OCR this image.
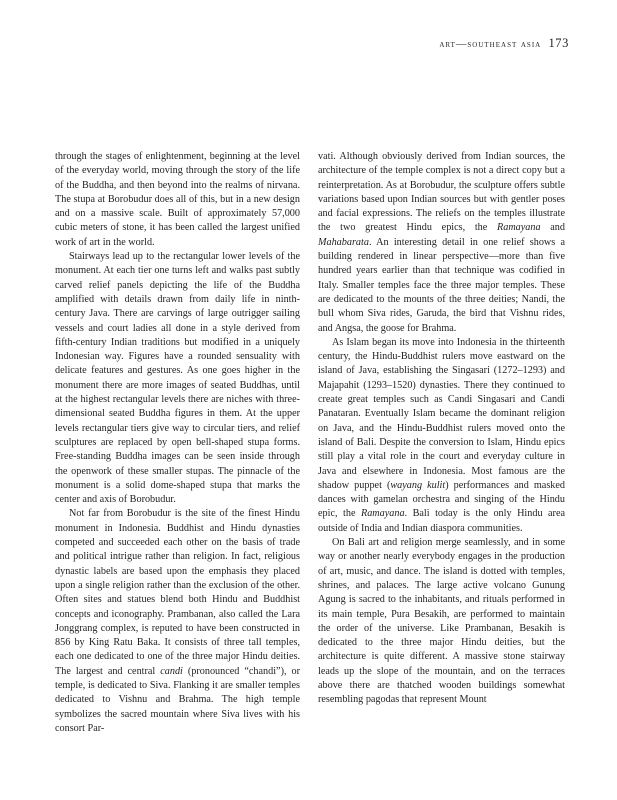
art—southeast asia 173

through the stages of enlightenment, beginning at the level of the everyday world, moving through the story of the life of the Buddha, and then beyond into the realms of nirvana. The stupa at Borobudur does all of this, but in a new design and on a massive scale. Built of approximately 57,000 cubic meters of stone, it has been called the largest unified work of art in the world.

Stairways lead up to the rectangular lower levels of the monument. At each tier one turns left and walks past subtly carved relief panels depicting the life of the Buddha amplified with details drawn from daily life in ninth-century Java. There are carvings of large outrigger sailing vessels and court ladies all done in a style derived from fifth-century Indian traditions but modified in a uniquely Indonesian way. Figures have a rounded sensuality with delicate features and gestures. As one goes higher in the monument there are more images of seated Buddhas, until at the highest rectangular levels there are niches with three-dimensional seated Buddha figures in them. At the upper levels rectangular tiers give way to circular tiers, and relief sculptures are replaced by open bell-shaped stupa forms. Free-standing Buddha images can be seen inside through the openwork of these smaller stupas. The pinnacle of the monument is a solid dome-shaped stupa that marks the center and axis of Borobudur.

Not far from Borobudur is the site of the finest Hindu monument in Indonesia. Buddhist and Hindu dynasties competed and succeeded each other on the basis of trade and political intrigue rather than religion. In fact, religious dynastic labels are based upon the emphasis they placed upon a single religion rather than the exclusion of the other. Often sites and statues blend both Hindu and Buddhist concepts and iconography. Prambanan, also called the Lara Jonggrang complex, is reputed to have been constructed in 856 by King Ratu Baka. It consists of three tall temples, each one dedicated to one of the three major Hindu deities. The largest and central candi (pronounced “chandi”), or temple, is dedicated to Siva. Flanking it are smaller temples dedicated to Vishnu and Brahma. The high temple symbolizes the sacred mountain where Siva lives with his consort Par-

vati. Although obviously derived from Indian sources, the architecture of the temple complex is not a direct copy but a reinterpretation. As at Borobudur, the sculpture offers subtle variations based upon Indian sources but with gentler poses and facial expressions. The reliefs on the temples illustrate the two greatest Hindu epics, the Ramayana and Mahabarata. An interesting detail in one relief shows a building rendered in linear perspective—more than five hundred years earlier than that technique was codified in Italy. Smaller temples face the three major temples. These are dedicated to the mounts of the three deities; Nandi, the bull whom Siva rides, Garuda, the bird that Vishnu rides, and Angsa, the goose for Brahma.

As Islam began its move into Indonesia in the thirteenth century, the Hindu-Buddhist rulers move eastward on the island of Java, establishing the Singasari (1272–1293) and Majapahit (1293–1520) dynasties. There they continued to create great temples such as Candi Singasari and Candi Panataran. Eventually Islam became the dominant religion on Java, and the Hindu-Buddhist rulers moved onto the island of Bali. Despite the conversion to Islam, Hindu epics still play a vital role in the court and everyday culture in Java and elsewhere in Indonesia. Most famous are the shadow puppet (wayang kulit) performances and masked dances with gamelan orchestra and singing of the Hindu epic, the Ramayana. Bali today is the only Hindu area outside of India and Indian diaspora communities.

On Bali art and religion merge seamlessly, and in some way or another nearly everybody engages in the production of art, music, and dance. The island is dotted with temples, shrines, and palaces. The large active volcano Gunung Agung is sacred to the inhabitants, and rituals performed in its main temple, Pura Besakih, are performed to maintain the order of the universe. Like Prambanan, Besakih is dedicated to the three major Hindu deities, but the architecture is quite different. A massive stone stairway leads up the slope of the mountain, and on the terraces above there are thatched wooden buildings somewhat resembling pagodas that represent Mount
